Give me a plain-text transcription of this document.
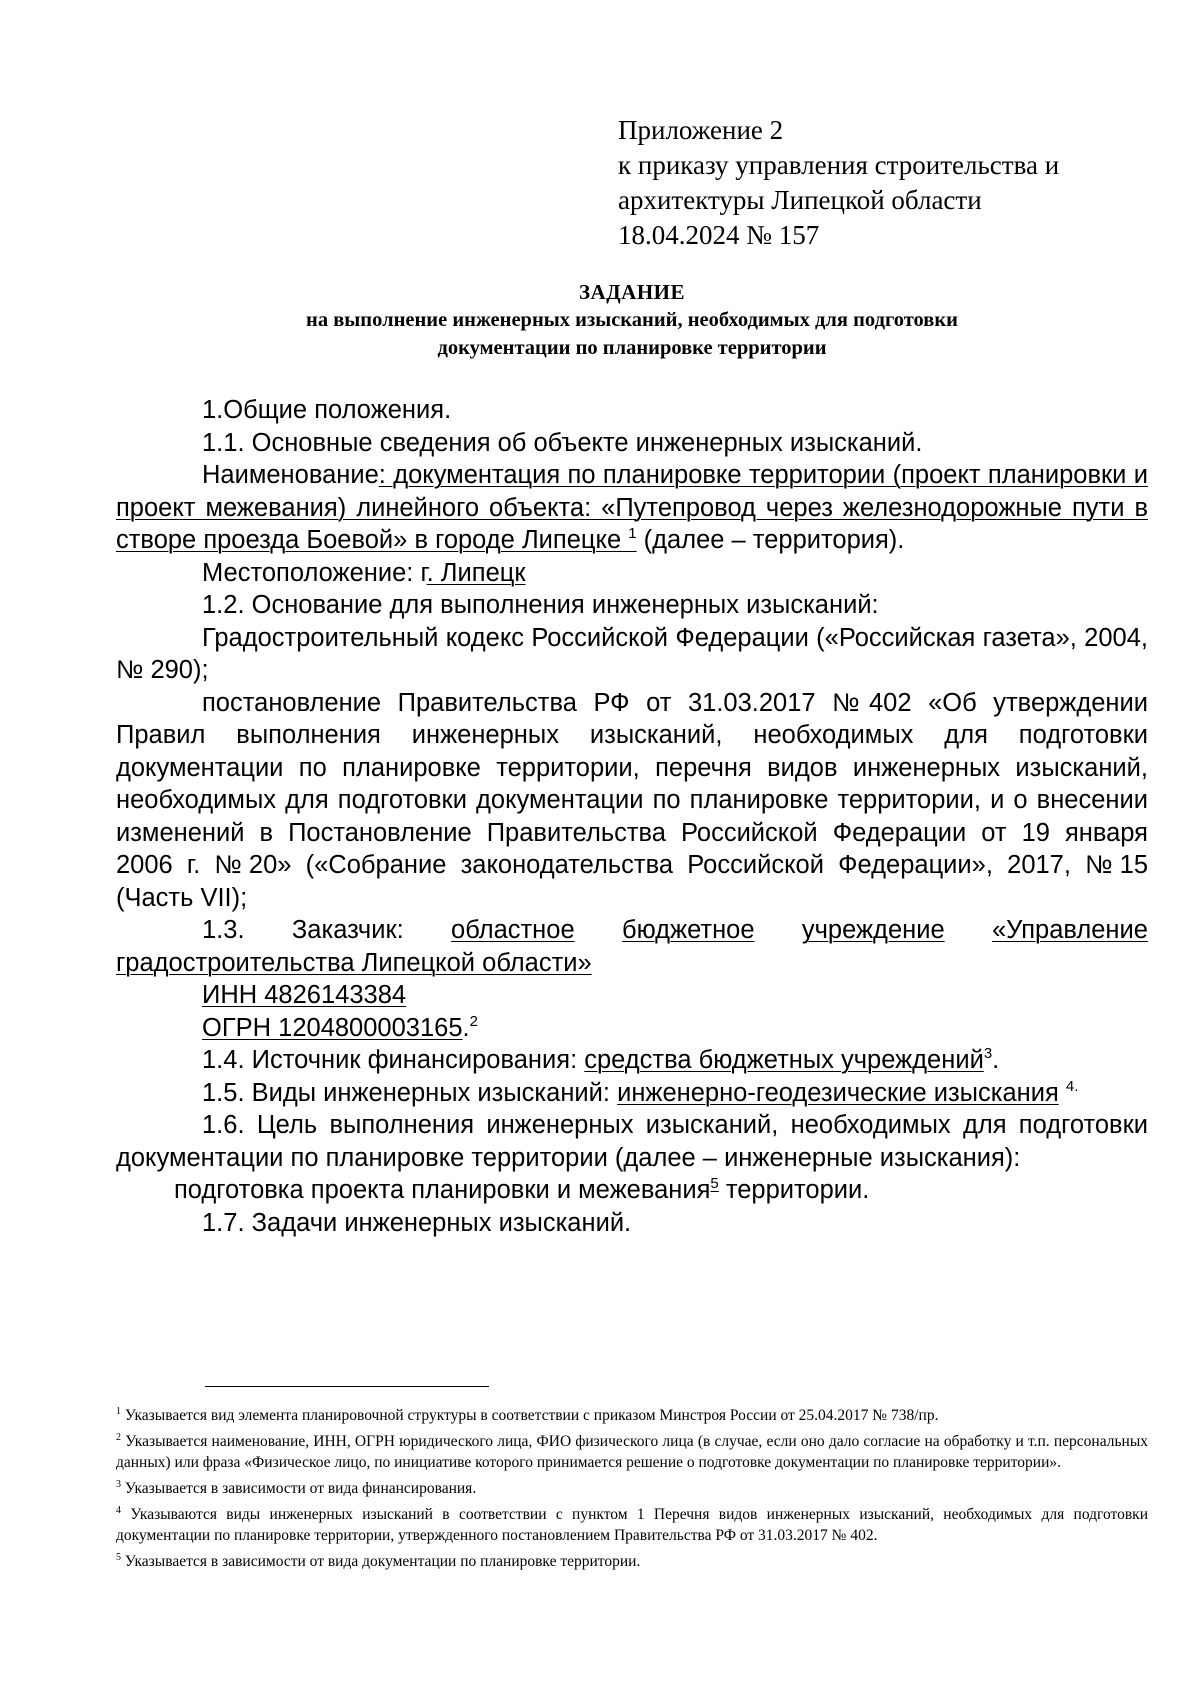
Приложение 2
к приказу управления строительства и
архитектуры Липецкой области
18.04.2024 № 157
ЗАДАНИЕ
на выполнение инженерных изысканий, необходимых для подготовки
документации по планировке территории
1.Общие положения.
1.1. Основные сведения об объекте инженерных изысканий.
Наименование: документация по планировке территории (проект планировки и проект межевания) линейного объекта: «Путепровод через железнодорожные пути в створе проезда Боевой» в городе Липецке $^1$ (далее – территория).
Местоположение: г. Липецк
1.2. Основание для выполнения инженерных изысканий:
Градостроительный кодекс Российской Федерации («Российская газета», 2004, № 290);
постановление Правительства РФ от 31.03.2017 №402 «Об утверждении Правил выполнения инженерных изысканий, необходимых для подготовки документации по планировке территории, перечня видов инженерных изысканий, необходимых для подготовки документации по планировке территории, и о внесении изменений в Постановление Правительства Российской Федерации от 19 января 2006 г. №20» («Собрание законодательства Российской Федерации», 2017, №15 (Часть VII);
1.3. Заказчик: областное бюджетное учреждение «Управление
градостроительства Липецкой области»
ИНН 4826143384
ОГРН 1204800003165.$^2$
1.4. Источник финансирования: средства бюджетных учреждений$^3$.
1.5. Виды инженерных изысканий: инженерно-геодезические изыскания $^{4.}$
1.6. Цель выполнения инженерных изысканий, необходимых для подготовки документации по планировке территории (далее – инженерные изыскания):
подготовка проекта планировки и межевания$^5$ территории.
1.7. Задачи инженерных изысканий.
$^1$ Указывается вид элемента планировочной структуры в соответствии с приказом Минстроя России от 25.04.2017 № 738/пр.
$^2$ Указывается наименование, ИНН, ОГРН юридического лица, ФИО физического лица (в случае, если оно дало согласие на обработку и т.п. персональных данных) или фраза «Физическое лицо, по инициативе которого принимается решение о подготовке документации по планировке территории».
$^3$ Указывается в зависимости от вида финансирования.
$^4$ Указываются виды инженерных изысканий в соответствии с пунктом 1 Перечня видов инженерных изысканий, необходимых для подготовки документации по планировке территории, утвержденного постановлением Правительства РФ от 31.03.2017 № 402.
$^5$ Указывается в зависимости от вида документации по планировке территории.
